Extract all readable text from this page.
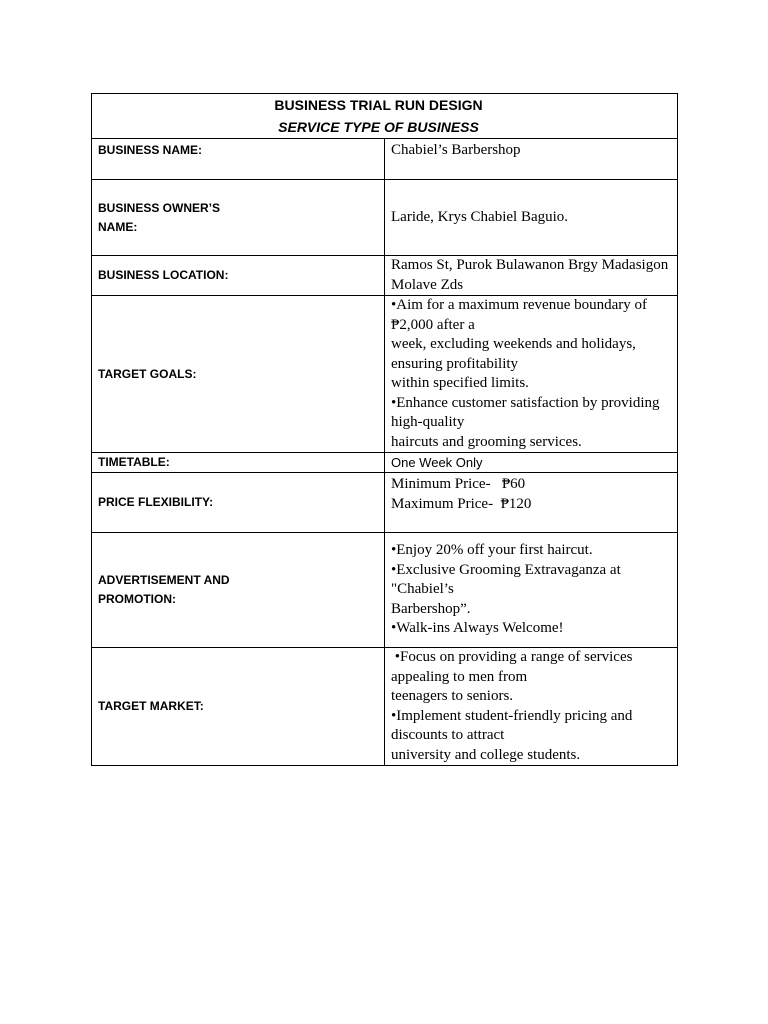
BUSINESS TRIAL RUN DESIGN
SERVICE TYPE OF BUSINESS	

BUSINESS NAME:	Chabiel’s Barbershop

BUSINESS OWNER’S
NAME:	Laride, Krys Chabiel Baguio.
BUSINESS LOCATION:	Ramos St, Purok Bulawanon Brgy Madasigon Molave Zds
TARGET GOALS:	•Aim for a maximum revenue boundary of ₱2,000 after a
week, excluding weekends and holidays, ensuring profitability
within specified limits.
•Enhance customer satisfaction by providing high-quality
haircuts and grooming services.

TIMETABLE:	One Week Only
PRICE FLEXIBILITY:	Minimum Price-   ₱60
Maximum Price-  ₱120

ADVERTISEMENT AND
PROMOTION:	•Enjoy 20% off your first haircut.
•Exclusive Grooming Extravaganza at "Chabiel’s
Barbershop”.
•Walk-ins Always Welcome!

TARGET MARKET:	•Focus on providing a range of services appealing to men from
teenagers to seniors.
•Implement student-friendly pricing and discounts to attract
university and college students.
